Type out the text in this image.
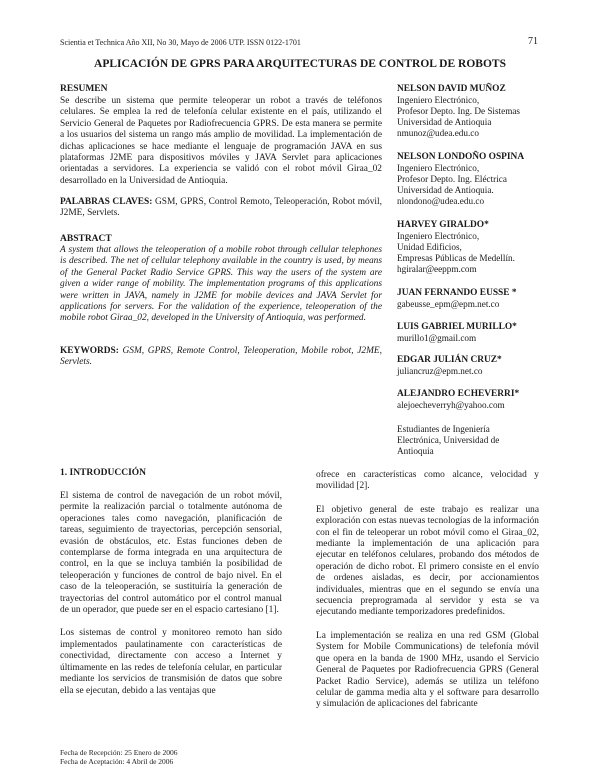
Scientia et Technica Año XII, No 30, Mayo de 2006 UTP. ISSN 0122-1701	71
APLICACIÓN DE GPRS PARA ARQUITECTURAS DE CONTROL DE ROBOTS
RESUMEN
Se describe un sistema que permite teleoperar un robot a través de teléfonos celulares. Se emplea la red de telefonía celular existente en el país, utilizando el Servicio General de Paquetes por Radiofrecuencia GPRS. De esta manera se permite a los usuarios del sistema un rango más amplio de movilidad. La implementación de dichas aplicaciones se hace mediante el lenguaje de programación JAVA en sus plataformas J2ME para dispositivos móviles y JAVA Servlet para aplicaciones orientadas a servidores. La experiencia se validó con el robot móvil Giraa_02 desarrollado en la Universidad de Antioquia.
PALABRAS CLAVES: GSM, GPRS, Control Remoto, Teleoperación, Robot móvil, J2ME, Servlets.
ABSTRACT
A system that allows the teleoperation of a mobile robot through cellular telephones is described. The net of cellular telephony available in the country is used, by means of the General Packet Radio Service GPRS. This way the users of the system are given a wider range of mobility. The implementation programs of this applications were written in JAVA, namely in J2ME for mobile devices and JAVA Servlet for applications for servers. For the validation of the experience, teleoperation of the mobile robot Giraa_02, developed in the University of Antioquia, was performed.
KEYWORDS: GSM, GPRS, Remote Control, Teleoperation, Mobile robot, J2ME, Servlets.
NELSON DAVID MUÑOZ
Ingeniero Electrónico,
Profesor Depto. Ing. De Sistemas
Universidad de Antioquia
nmunoz@udea.edu.co
NELSON LONDOÑO OSPINA
Ingeniero Electrónico,
Profesor Depto. Ing. Eléctrica
Universidad de Antioquia.
nlondono@udea.edu.co
HARVEY GIRALDO*
Ingeniero Electrónico,
Unidad Edificios,
Empresas Públicas de Medellín.
hgiralar@eeppm.com
JUAN FERNANDO EUSSE *
gabeusse_epm@epm.net.co
LUIS GABRIEL MURILLO*
murillo1@gmail.com
EDGAR JULIÁN CRUZ*
juliancruz@epm.net.co
ALEJANDRO ECHEVERRI*
alejoecheverryh@yahoo.com
Estudiantes de Ingeniería
Electrónica, Universidad de
Antioquia
1. INTRODUCCIÓN

El sistema de control de navegación de un robot móvil, permite la realización parcial o totalmente autónoma de operaciones tales como navegación, planificación de tareas, seguimiento de trayectorias, percepción sensorial, evasión de obstáculos, etc. Estas funciones deben de contemplarse de forma integrada en una arquitectura de control, en la que se incluya también la posibilidad de teleoperación y funciones de control de bajo nivel. En el caso de la teleoperación, se sustituiría la generación de trayectorias del control automático por el control manual de un operador, que puede ser en el espacio cartesiano [1].

Los sistemas de control y monitoreo remoto han sido implementados paulatinamente con características de conectividad, directamente con acceso a Internet y últimamente en las redes de telefonía celular, en particular mediante los servicios de transmisión de datos que sobre ella se ejecutan, debido a las ventajas que

ofrece en características como alcance, velocidad y movilidad [2].

El objetivo general de este trabajo es realizar una exploración con estas nuevas tecnologías de la información con el fin de teleoperar un robot móvil como el Giraa_02, mediante la implementación de una aplicación para ejecutar en teléfonos celulares, probando dos métodos de operación de dicho robot. El primero consiste en el envío de ordenes aisladas, es decir, por accionamientos individuales, mientras que en el segundo se envía una secuencia preprogramada al servidor y esta se va ejecutando mediante temporizadores predefinidos.

La implementación se realiza en una red GSM (Global System for Mobile Communications) de telefonía móvil que opera en la banda de 1900 MHz, usando el Servicio General de Paquetes por Radiofrecuencia GPRS (General Packet Radio Service), además se utiliza un teléfono celular de gamma media alta y el software para desarrollo y simulación de aplicaciones del fabricante

Fecha de Recepción: 25 Enero de 2006
Fecha de Aceptación: 4 Abril de 2006
